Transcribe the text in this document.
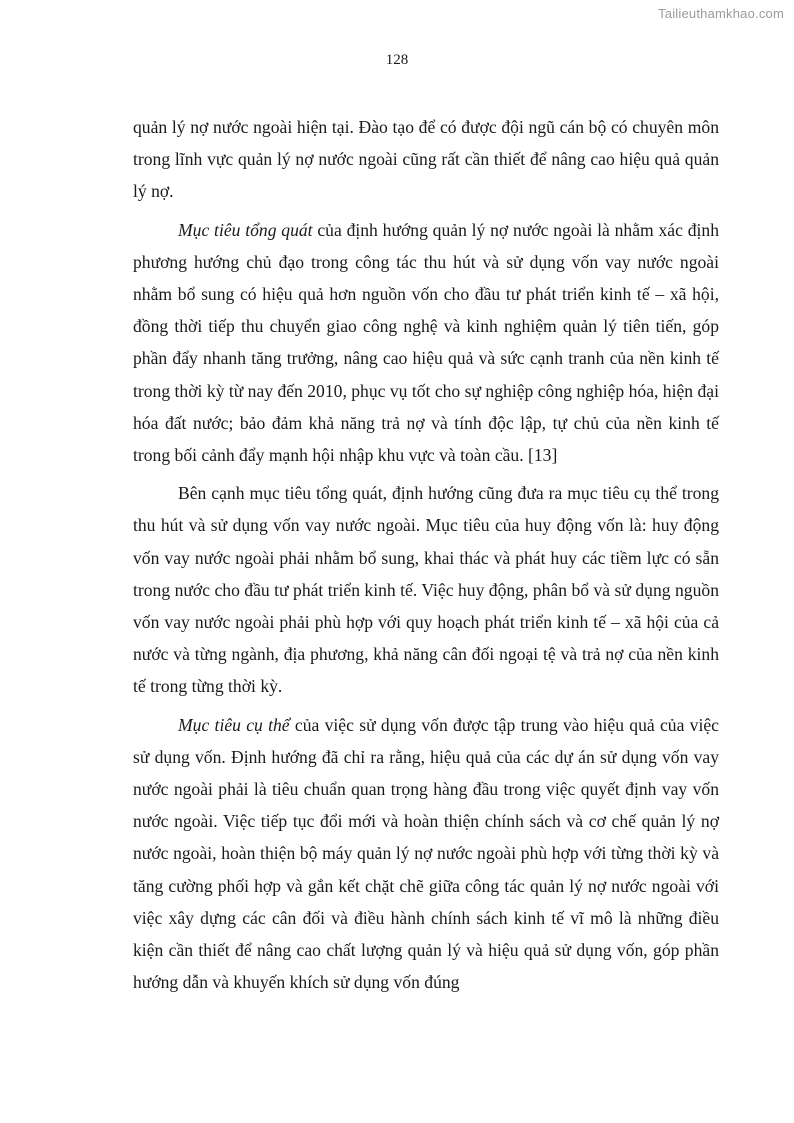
Tailieuthamkhao.com
128

quản lý nợ nước ngoài hiện tại. Đào tạo để có được đội ngũ cán bộ có chuyên môn trong lĩnh vực quản lý nợ nước ngoài cũng rất cần thiết để nâng cao hiệu quả quản lý nợ.

Mục tiêu tổng quát của định hướng quản lý nợ nước ngoài là nhằm xác định phương hướng chủ đạo trong công tác thu hút và sử dụng vốn vay nước ngoài nhằm bổ sung có hiệu quả hơn nguồn vốn cho đầu tư phát triển kinh tế – xã hội, đồng thời tiếp thu chuyển giao công nghệ và kinh nghiệm quản lý tiên tiến, góp phần đẩy nhanh tăng trưởng, nâng cao hiệu quả và sức cạnh tranh của nền kinh tế trong thời kỳ từ nay đến 2010, phục vụ tốt cho sự nghiệp công nghiệp hóa, hiện đại hóa đất nước; bảo đảm khả năng trả nợ và tính độc lập, tự chủ của nền kinh tế trong bối cảnh đẩy mạnh hội nhập khu vực và toàn cầu. [13]

Bên cạnh mục tiêu tổng quát, định hướng cũng đưa ra mục tiêu cụ thể trong thu hút và sử dụng vốn vay nước ngoài. Mục tiêu của huy động vốn là: huy động vốn vay nước ngoài phải nhằm bổ sung, khai thác và phát huy các tiềm lực có sẵn trong nước cho đầu tư phát triển kinh tế. Việc huy động, phân bổ và sử dụng nguồn vốn vay nước ngoài phải phù hợp với quy hoạch phát triển kinh tế – xã hội của cả nước và từng ngành, địa phương, khả năng cân đối ngoại tệ và trả nợ của nền kinh tế trong từng thời kỳ.

Mục tiêu cụ thể của việc sử dụng vốn được tập trung vào hiệu quả của việc sử dụng vốn. Định hướng đã chỉ ra rằng, hiệu quả của các dự án sử dụng vốn vay nước ngoài phải là tiêu chuẩn quan trọng hàng đầu trong việc quyết định vay vốn nước ngoài. Việc tiếp tục đổi mới và hoàn thiện chính sách và cơ chế quản lý nợ nước ngoài, hoàn thiện bộ máy quản lý nợ nước ngoài phù hợp với từng thời kỳ và tăng cường phối hợp và gắn kết chặt chẽ giữa công tác quản lý nợ nước ngoài với việc xây dựng các cân đối và điều hành chính sách kinh tế vĩ mô là những điều kiện cần thiết để nâng cao chất lượng quản lý và hiệu quả sử dụng vốn, góp phần hướng dẫn và khuyến khích sử dụng vốn đúng
